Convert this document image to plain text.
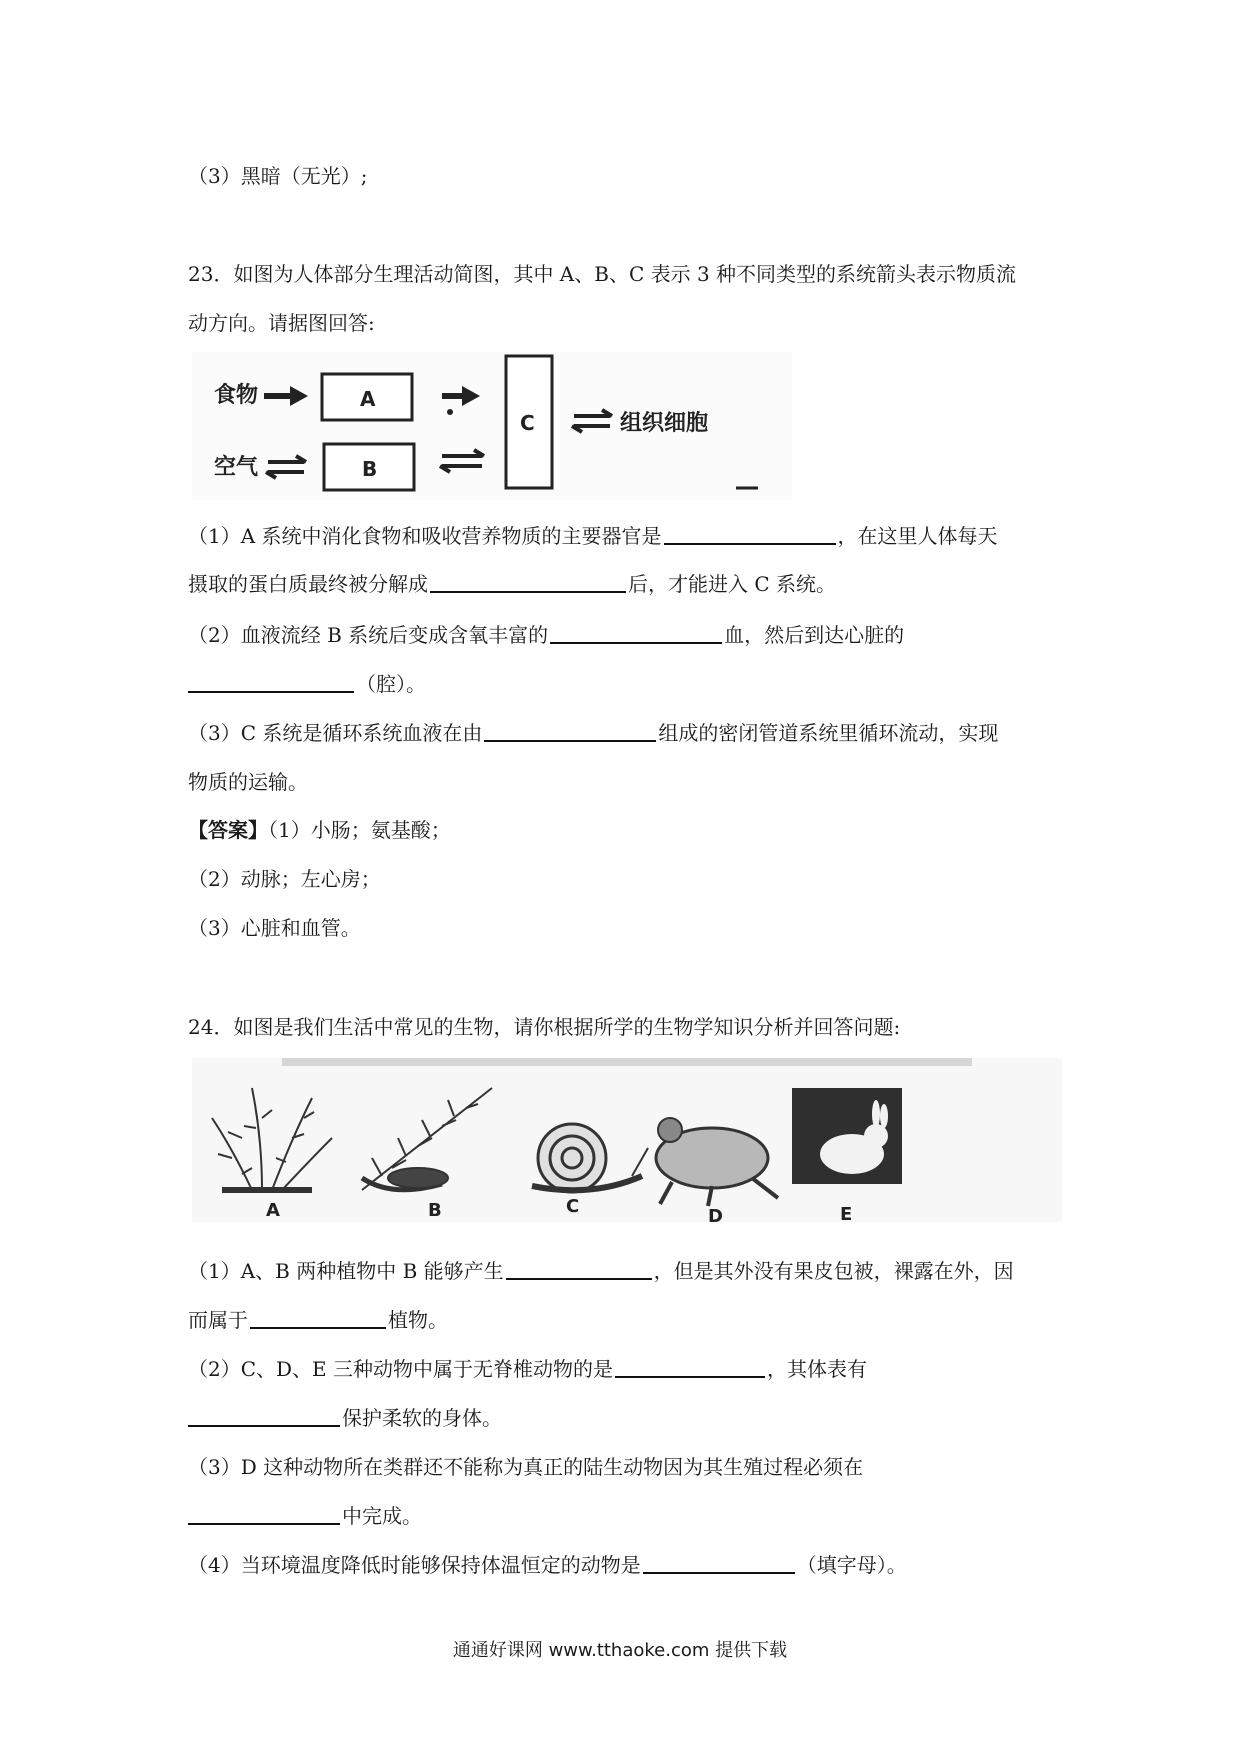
（3）黑暗（无光）;
23．如图为人体部分生理活动简图，其中 A、B、C 表示 3 种不同类型的系统箭头表示物质流
动方向。请据图回答:
食物
空气
A
B
C	组织细胞
（1）A 系统中消化食物和吸收营养物质的主要器官是	，在这里人体每天
摄取的蛋白质最终被分解成	后，才能进入 C 系统。
（2）血液流经 B 系统后变成含氧丰富的	血，然后到达心脏的
（腔）。
（3）C 系统是循环系统血液在由	组成的密闭管道系统里循环流动，实现
物质的运输。
【答案】（1）小肠；氨基酸；
（2）动脉；左心房；
（3）心脏和血管。
24．如图是我们生活中常见的生物，请你根据所学的生物学知识分析并回答问题:
A	B	C	D	E
（1）A、B 两种植物中 B 能够产生	，但是其外没有果皮包被，裸露在外，因
而属于	植物。
（2）C、D、E 三种动物中属于无脊椎动物的是	，其体表有
保护柔软的身体。
（3）D 这种动物所在类群还不能称为真正的陆生动物因为其生殖过程必须在
中完成。
（4）当环境温度降低时能够保持体温恒定的动物是	（填字母）。
通通好课网 www.tthaoke.com 提供下载
